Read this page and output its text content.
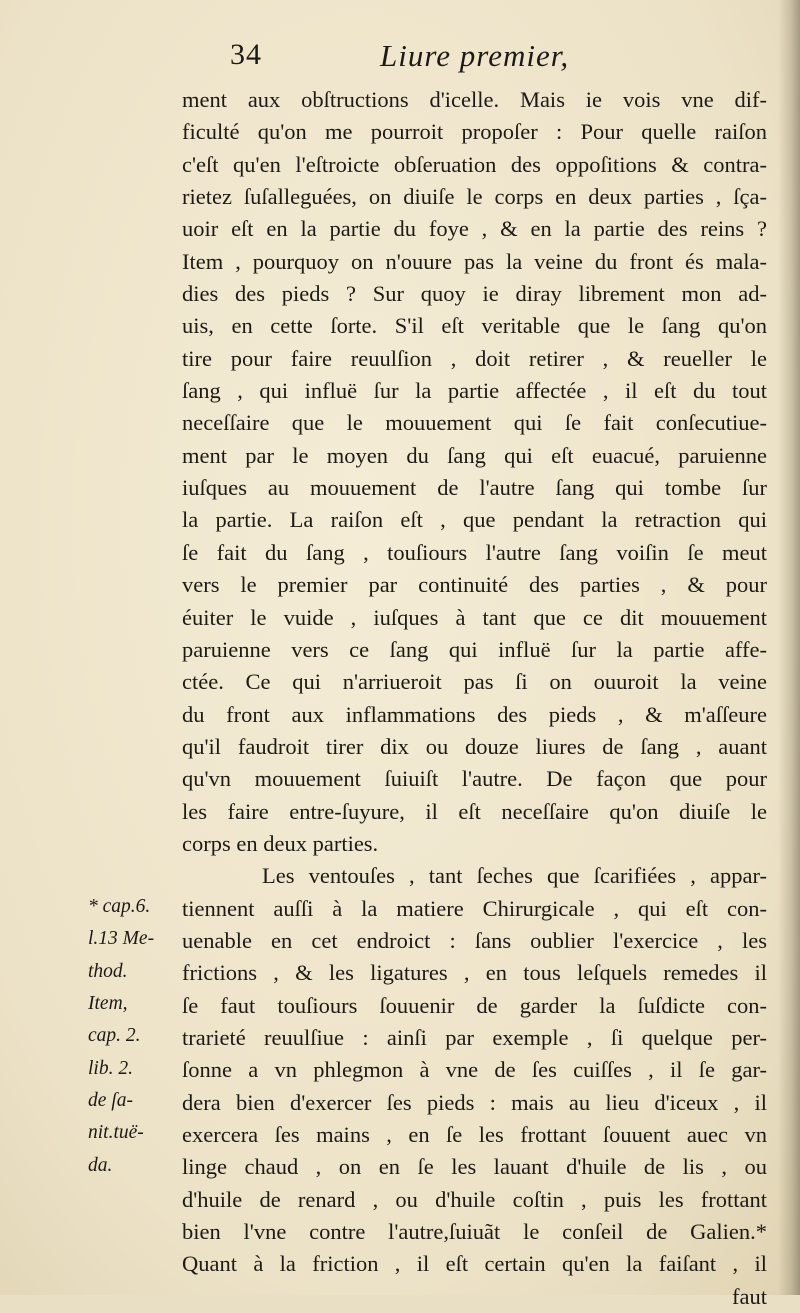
34	Liure premier,
ment aux obſtructions d'icelle. Mais ie vois vne dif-
ficulté qu'on me pourroit propoſer : Pour quelle raiſon
c'eſt qu'en l'eſtroicte obſeruation des oppoſitions & contra-
rietez ſuſalleguées, on diuiſe le corps en deux parties , ſça-
uoir eſt en la partie du foye , & en la partie des reins ?
Item , pourquoy on n'ouure pas la veine du front és mala-
dies des pieds ? Sur quoy ie diray librement mon ad-
uis, en cette ſorte. S'il eſt veritable que le ſang qu'on
tire pour faire reuulſion , doit retirer , & reueller le
ſang , qui influë ſur la partie affectée , il eſt du tout
neceſſaire que le mouuement qui ſe fait conſecutiue-
ment par le moyen du ſang qui eſt euacué, paruienne
iuſques au mouuement de l'autre ſang qui tombe ſur
la partie. La raiſon eſt , que pendant la retraction qui
ſe fait du ſang , touſiours l'autre ſang voiſin ſe meut
vers le premier par continuité des parties , & pour
éuiter le vuide , iuſques à tant que ce dit mouuement
paruienne vers ce ſang qui influë ſur la partie affe-
ctée. Ce qui n'arriueroit pas ſi on ouuroit la veine
du front aux inflammations des pieds , & m'aſſeure
qu'il faudroit tirer dix ou douze liures de ſang , auant
qu'vn mouuement ſuiuiſt l'autre. De façon que pour
les faire entre-ſuyure, il eſt neceſſaire qu'on diuiſe le
corps en deux parties.
Les ventouſes , tant ſeches que ſcarifiées , appar-
tiennent auſſi à la matiere Chirurgicale , qui eſt con-
uenable en cet endroict : ſans oublier l'exercice , les
frictions , & les ligatures , en tous leſquels remedes il
ſe faut touſiours ſouuenir de garder la ſuſdicte con-
trarieté reuulſiue : ainſi par exemple , ſi quelque per-
ſonne a vn phlegmon à vne de ſes cuiſſes , il ſe gar-
dera bien d'exercer ſes pieds : mais au lieu d'iceux , il
exercera ſes mains , en ſe les frottant ſouuent auec vn
linge chaud , on en ſe les lauant d'huile de lis , ou
d'huile de renard , ou d'huile coſtin , puis les frottant
bien l'vne contre l'autre,ſuiuãt le conſeil de Galien.*
Quant à la friction , il eſt certain qu'en la faiſant , il
faut
* cap.6.
l.13 Me-
thod.
Item,
cap. 2.
lib. 2.
de ſa-
nit.tuë-
da.
